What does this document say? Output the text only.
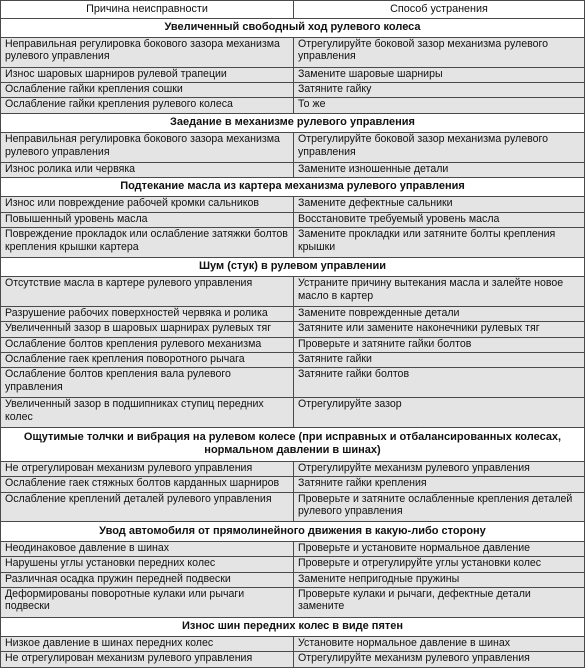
Причина неисправности	Способ устранения
Увеличенный свободный ход рулевого колеса	
Неправильная регулировка бокового зазора механизма рулевого управления	Отрегулируйте боковой зазор механизма рулевого управления
Износ шаровых шарниров рулевой трапеции	Замените шаровые шарниры
Ослабление гайки крепления сошки	Затяните гайку
Ослабление гайки крепления рулевого колеса	То же
Заедание в механизме рулевого управления	
Неправильная регулировка бокового зазора механизма рулевого управления	Отрегулируйте боковой зазор механизма рулевого управления
Износ ролика или червяка	Замените изношенные детали
Подтекание масла из картера механизма рулевого управления	
Износ или повреждение рабочей кромки сальников	Замените дефектные сальники
Повышенный уровень масла	Восстановите требуемый уровень масла
Повреждение прокладок или ослабление затяжки болтов крепления крышки картера	Замените прокладки или затяните болты крепления крышки
Шум (стук) в рулевом управлении	
Отсутствие масла в картере рулевого управления	Устраните причину вытекания масла и залейте новое масло в картер
Разрушение рабочих поверхностей червяка и ролика	Замените поврежденные детали
Увеличенный зазор в шаровых шарнирах рулевых тяг	Затяните или замените наконечники рулевых тяг
Ослабление болтов крепления рулевого механизма	Проверьте и затяните гайки болтов
Ослабление гаек крепления поворотного рычага	Затяните гайки
Ослабление болтов крепления вала рулевого управления	Затяните гайки болтов
Увеличенный зазор в подшипниках ступиц передних колес	Отрегулируйте зазор
Ощутимые толчки и вибрация на рулевом колесе (при исправных и отбалансированных колесах, нормальном давлении в шинах)	
Не отрегулирован механизм рулевого управления	Отрегулируйте механизм рулевого управления
Ослабление гаек стяжных болтов карданных шарниров	Затяните гайки крепления
Ослабление креплений деталей рулевого управления	Проверьте и затяните ослабленные крепления деталей рулевого управления
Увод автомобиля от прямолинейного движения в какую-либо сторону	
Неодинаковое давление в шинах	Проверьте и установите нормальное давление
Нарушены углы установки передних колес	Проверьте и отрегулируйте углы установки колес
Различная осадка пружин передней подвески	Замените непригодные пружины
Деформированы поворотные кулаки или рычаги подвески	Проверьте кулаки и рычаги, дефектные детали замените
Износ шин передних колес в виде пятен	
Низкое давление в шинах передних колес	Установите нормальное давление в шинах
Не отрегулирован механизм рулевого управления	Отрегулируйте механизм рулевого управления
